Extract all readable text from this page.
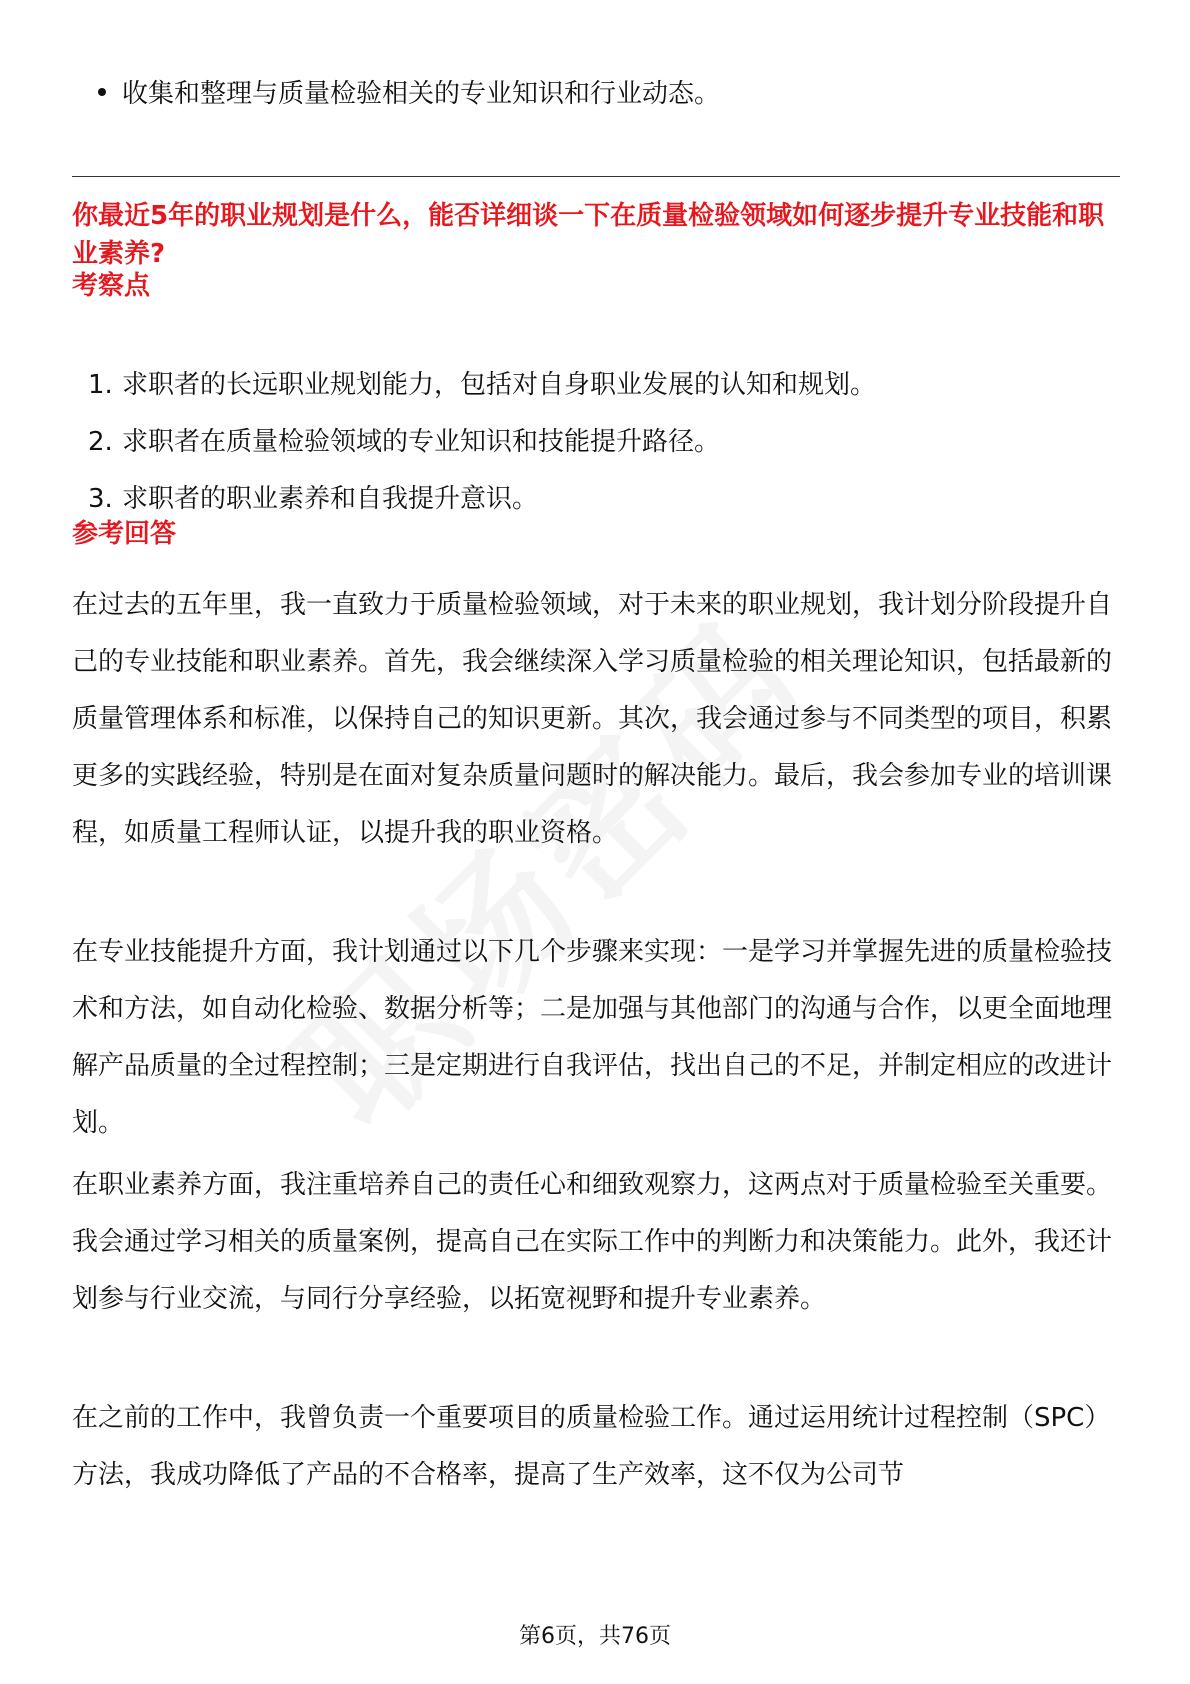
收集和整理与质量检验相关的专业知识和行业动态。
你最近5年的职业规划是什么，能否详细谈一下在质量检验领域如何逐步提升专业技能和职业素养?
考察点
1. 求职者的长远职业规划能力，包括对自身职业发展的认知和规划。
2. 求职者在质量检验领域的专业知识和技能提升路径。
3. 求职者的职业素养和自我提升意识。
参考回答

在过去的五年里，我一直致力于质量检验领域，对于未来的职业规划，我计划分阶段提升自己的专业技能和职业素养。首先，我会继续深入学习质量检验的相关理论知识，包括最新的质量管理体系和标准，以保持自己的知识更新。其次，我会通过参与不同类型的项目，积累更多的实践经验，特别是在面对复杂质量问题时的解决能力。最后，我会参加专业的培训课程，如质量工程师认证，以提升我的职业资格。

在专业技能提升方面，我计划通过以下几个步骤来实现：一是学习并掌握先进的质量检验技术和方法，如自动化检验、数据分析等；二是加强与其他部门的沟通与合作，以更全面地理解产品质量的全过程控制；三是定期进行自我评估，找出自己的不足，并制定相应的改进计划。

在职业素养方面，我注重培养自己的责任心和细致观察力，这两点对于质量检验至关重要。我会通过学习相关的质量案例，提高自己在实际工作中的判断力和决策能力。此外，我还计划参与行业交流，与同行分享经验，以拓宽视野和提升专业素养。

在之前的工作中，我曾负责一个重要项目的质量检验工作。通过运用统计过程控制（SPC）方法，我成功降低了产品的不合格率，提高了生产效率，这不仅为公司节

第6页，共76页
